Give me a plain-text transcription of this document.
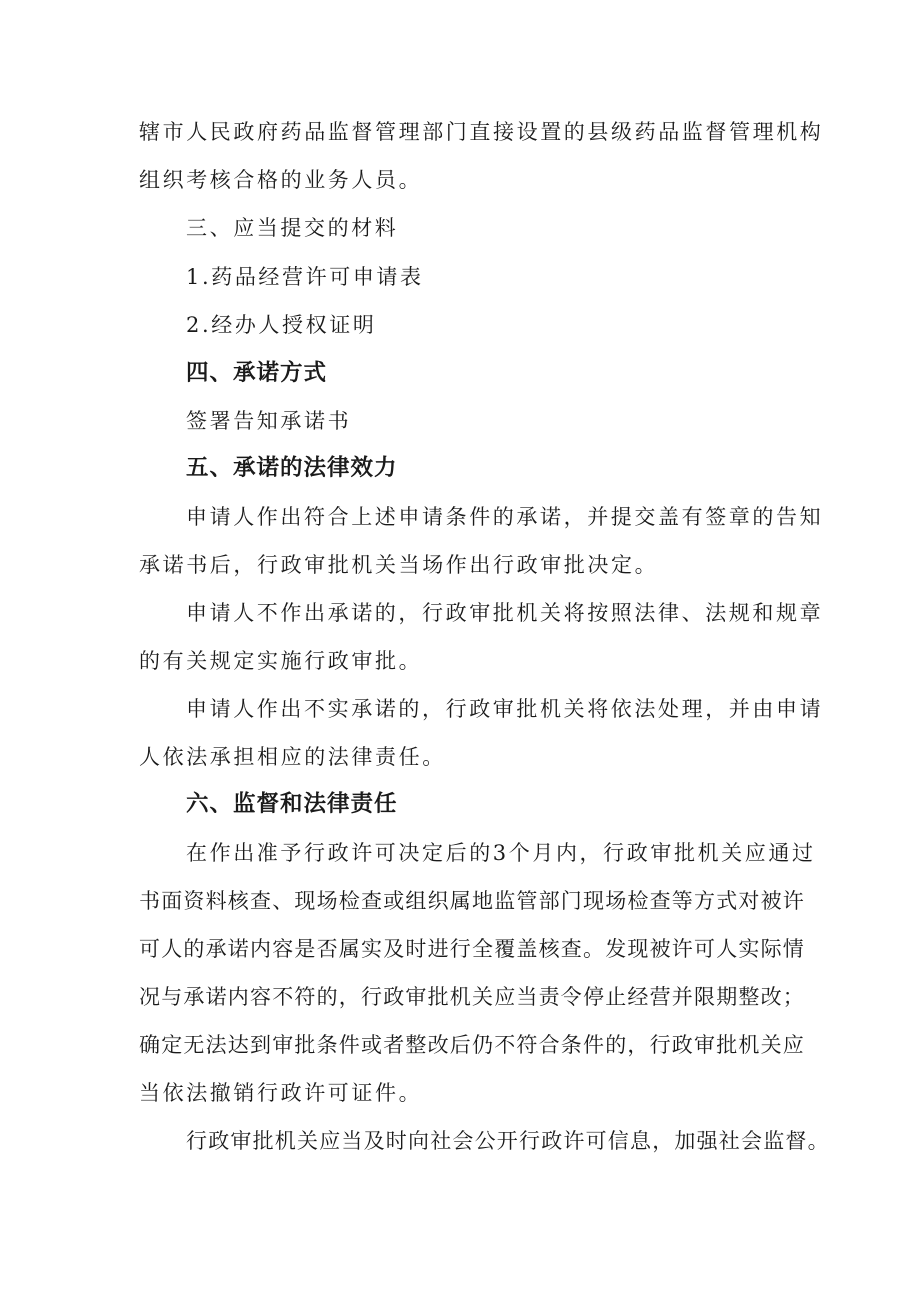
辖市人民政府药品监督管理部门直接设置的县级药品监督管理机构
组织考核合格的业务人员。
三、应当提交的材料
1.药品经营许可申请表
2.经办人授权证明
四、承诺方式
签署告知承诺书
五、承诺的法律效力
申请人作出符合上述申请条件的承诺，并提交盖有签章的告知
承诺书后，行政审批机关当场作出行政审批决定。
申请人不作出承诺的，行政审批机关将按照法律、法规和规章
的有关规定实施行政审批。
申请人作出不实承诺的，行政审批机关将依法处理，并由申请
人依法承担相应的法律责任。
六、监督和法律责任
在作出准予行政许可决定后的3个月内，行政审批机关应通过
书面资料核查、现场检查或组织属地监管部门现场检查等方式对被许
可人的承诺内容是否属实及时进行全覆盖核查。发现被许可人实际情
况与承诺内容不符的，行政审批机关应当责令停止经营并限期整改；
确定无法达到审批条件或者整改后仍不符合条件的，行政审批机关应
当依法撤销行政许可证件。
行政审批机关应当及时向社会公开行政许可信息，加强社会监督。
